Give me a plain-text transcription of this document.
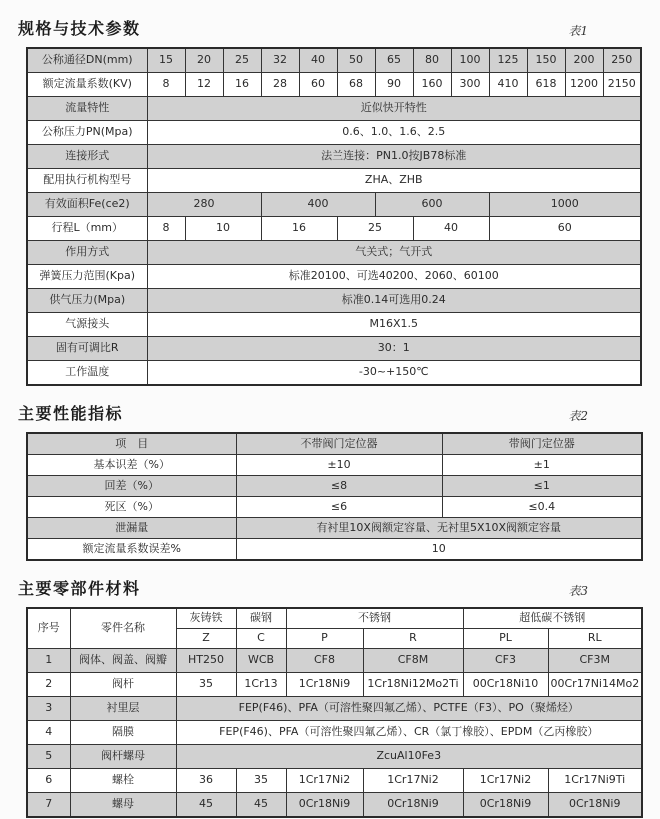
规格与技术参数	表1
公称通径DN(mm)	15	20	25	32	40	50	65	80	100	125	150	200	250
额定流量系数(KV)	8	12	16	28	60	68	90	160	300	410	618	1200	2150
流量特性	近似快开特性												
公称压力PN(Mpa)	0.6、1.0、1.6、2.5												
连接形式	法兰连接：PN1.0按JB78标准												
配用执行机构型号	ZHA、ZHB												
有效面积Fe(ce2)	280			400			600			1000			
行程L（mm）	8	10		16		25		40		60			
作用方式	气关式；气开式												
弹簧压力范围(Kpa)	标准20100、可选40200、2060、60100												
供气压力(Mpa)	标准0.14可选用0.24												
气源接头	M16X1.5												
固有可调比R	30：1												
工作温度	-30~+150℃												
主要性能指标	表2
项　目	不带阀门定位器	带阀门定位器
基本识差（%）	±10	±1
回差（%）	≤8	≤1
死区（%）	≤6	≤0.4
泄漏量	有衬里10X阀额定容量、无衬里5X10X阀额定容量	
额定流量系数误差%	10	
主要零部件材料	表3
序号	零件名称	灰铸铁	碳钢	不锈钢		超低碳不锈钢	
		Z	C	P	R	PL	RL
1	阀体、阀盖、阀瓣	HT250	WCB	CF8	CF8M	CF3	CF3M
2	阀杆	35	1Cr13	1Cr18Ni9	1Cr18Ni12Mo2Ti	00Cr18Ni10	00Cr17Ni14Mo2
3	衬里层	FEP(F46)、PFA（可溶性聚四氟乙烯）、PCTFE（F3）、PO（聚烯烃）					
4	隔膜	FEP(F46)、PFA（可溶性聚四氟乙烯）、CR（氯丁橡胶）、EPDM（乙丙橡胶）					
5	阀杆螺母	ZcuAl10Fe3					
6	螺栓	36	35	1Cr17Ni2	1Cr17Ni2	1Cr17Ni2	1Cr17Ni9Ti
7	螺母	45	45	0Cr18Ni9	0Cr18Ni9	0Cr18Ni9	0Cr18Ni9
